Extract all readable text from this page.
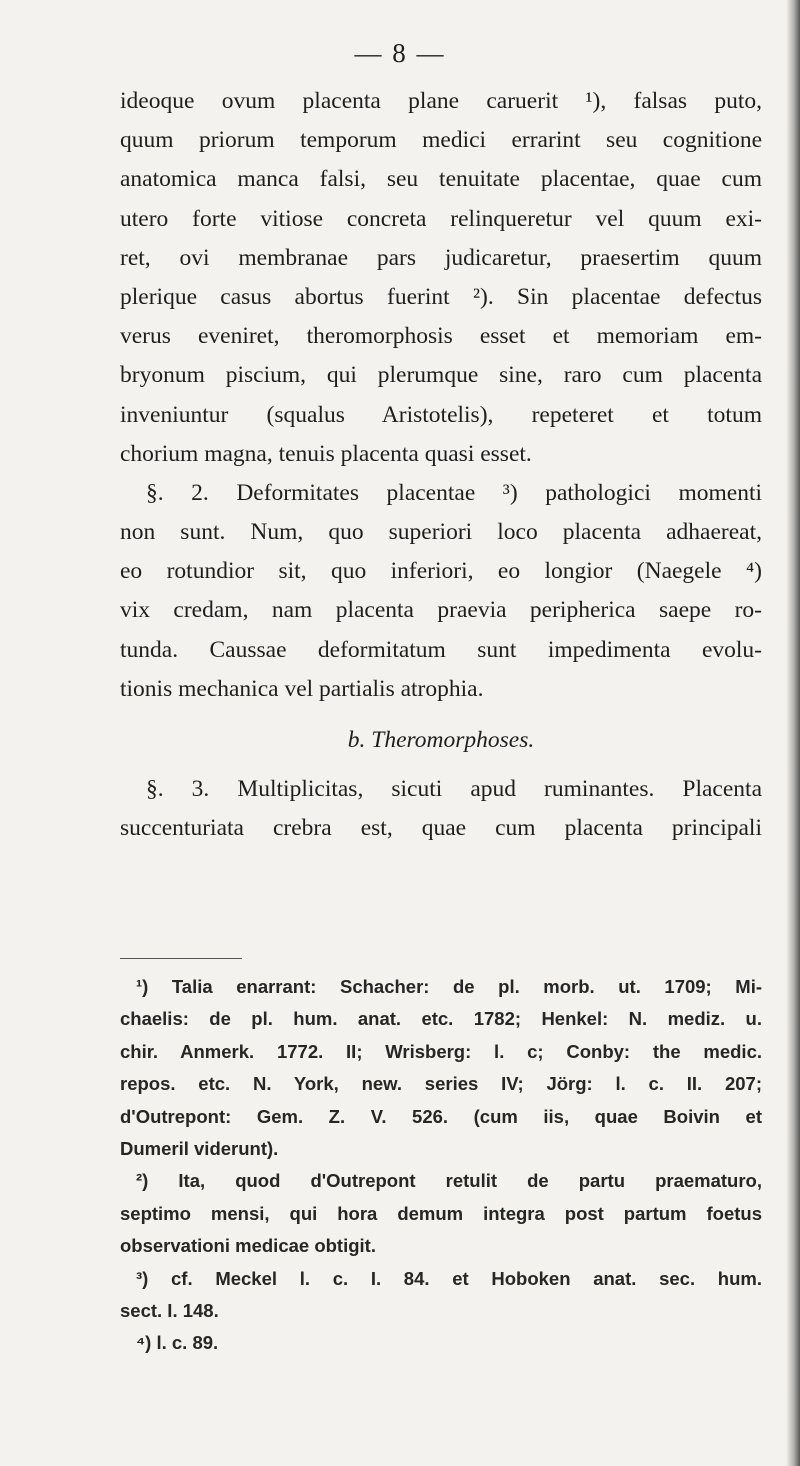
— 8 —
ideoque ovum placenta plane caruerit ¹), falsas puto,
quum priorum temporum medici errarint seu cognitione
anatomica manca falsi, seu tenuitate placentae, quae cum
utero forte vitiose concreta relinqueretur vel quum exi-
ret, ovi membranae pars judicaretur, praesertim quum
plerique casus abortus fuerint ²). Sin placentae defectus
verus eveniret, theromorphosis esset et memoriam em-
bryonum piscium, qui plerumque sine, raro cum placenta
inveniuntur (squalus Aristotelis), repeteret et totum
chorium magna, tenuis placenta quasi esset.
§. 2. Deformitates placentae ³) pathologici momenti
non sunt. Num, quo superiori loco placenta adhaereat,
eo rotundior sit, quo inferiori, eo longior (Naegele ⁴)
vix credam, nam placenta praevia peripherica saepe ro-
tunda. Caussae deformitatum sunt impedimenta evolu-
tionis mechanica vel partialis atrophia.
b. Theromorphoses.
§. 3. Multiplicitas, sicuti apud ruminantes. Placenta
succenturiata crebra est, quae cum placenta principali
¹) Talia enarrant: Schacher: de pl. morb. ut. 1709; Mi-
chaelis: de pl. hum. anat. etc. 1782; Henkel: N. mediz. u.
chir. Anmerk. 1772. II; Wrisberg: l. c; Conby: the medic.
repos. etc. N. York, new. series IV; Jörg: l. c. II. 207;
d'Outrepont: Gem. Z. V. 526. (cum iis, quae Boivin et
Dumeril viderunt).
²) Ita, quod d'Outrepont retulit de partu praematuro,
septimo mensi, qui hora demum integra post partum foetus
observationi medicae obtigit.
³) cf. Meckel l. c. I. 84. et Hoboken anat. sec. hum.
sect. I. 148.
⁴) l. c. 89.
